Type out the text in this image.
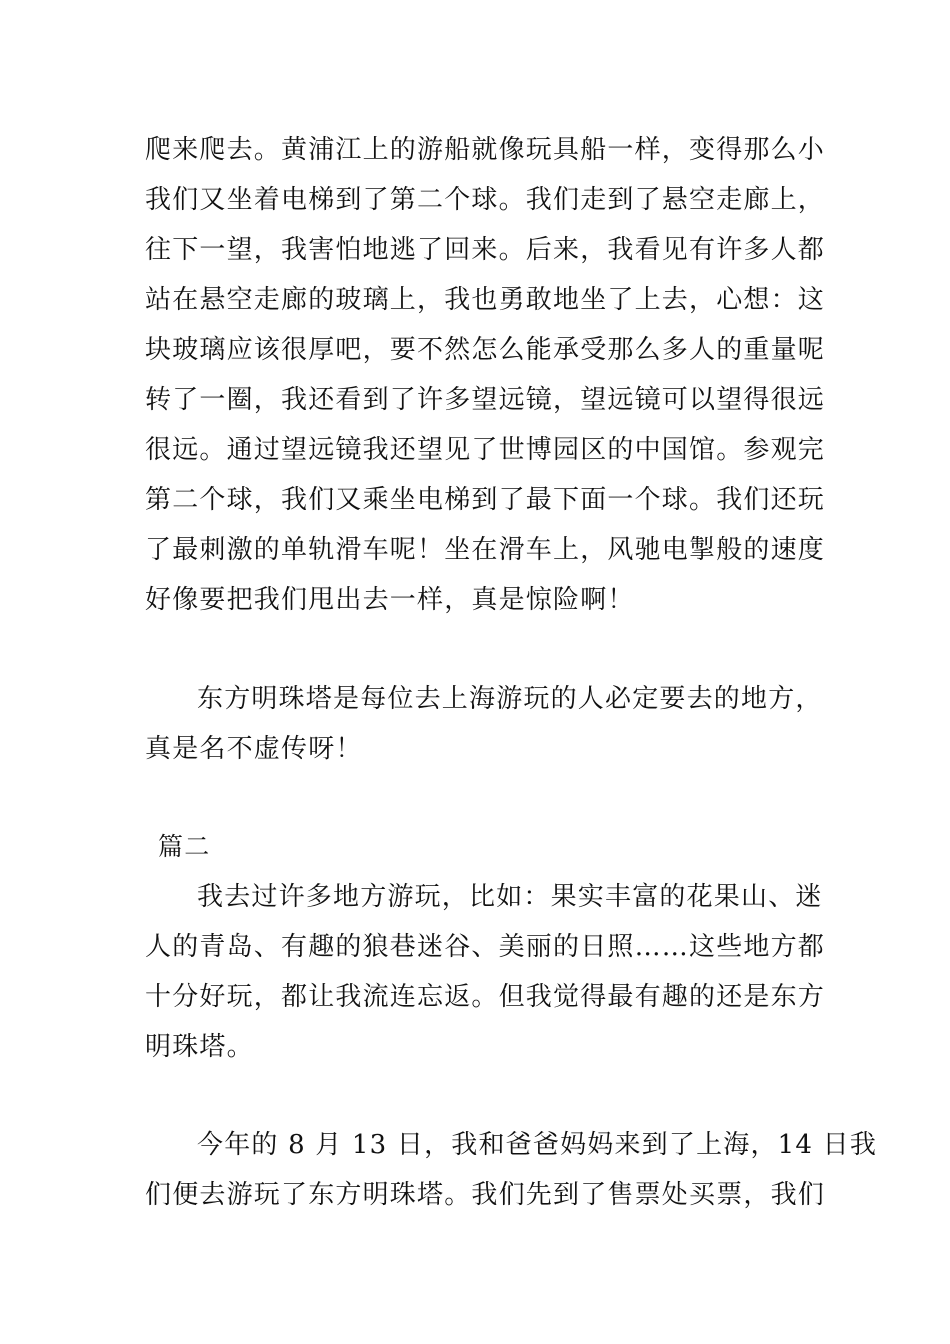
爬来爬去。黄浦江上的游船就像玩具船一样，变得那么小
我们又坐着电梯到了第二个球。我们走到了悬空走廊上，
往下一望，我害怕地逃了回来。后来，我看见有许多人都
站在悬空走廊的玻璃上，我也勇敢地坐了上去，心想：这
块玻璃应该很厚吧，要不然怎么能承受那么多人的重量呢
转了一圈，我还看到了许多望远镜，望远镜可以望得很远
很远。通过望远镜我还望见了世博园区的中国馆。参观完
第二个球，我们又乘坐电梯到了最下面一个球。我们还玩
了最刺激的单轨滑车呢！坐在滑车上，风驰电掣般的速度
好像要把我们甩出去一样，真是惊险啊！
东方明珠塔是每位去上海游玩的人必定要去的地方，
真是名不虚传呀！
篇二
我去过许多地方游玩，比如：果实丰富的花果山、迷
人的青岛、有趣的狼巷迷谷、美丽的日照……这些地方都
十分好玩，都让我流连忘返。但我觉得最有趣的还是东方
明珠塔。
今年的 8 月 13 日，我和爸爸妈妈来到了上海，14 日我
们便去游玩了东方明珠塔。我们先到了售票处买票，我们
